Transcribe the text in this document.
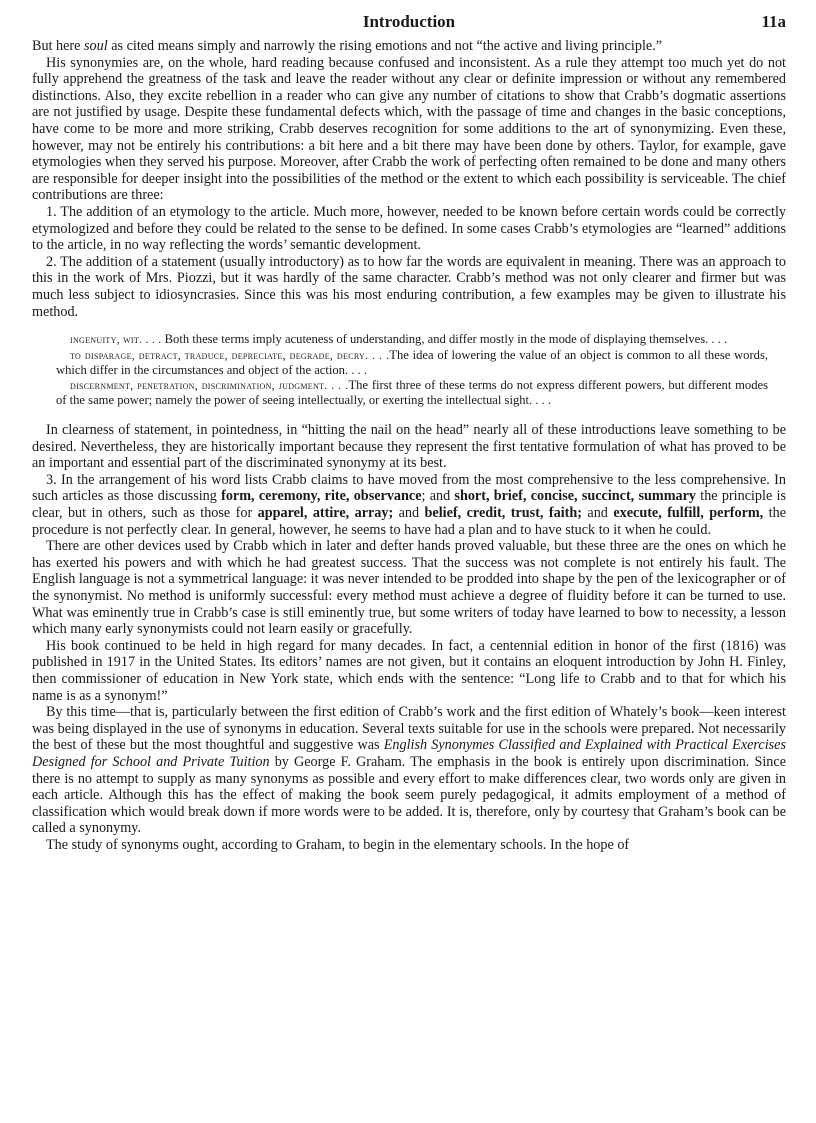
Introduction	11a

But here soul as cited means simply and narrowly the rising emotions and not “the active and living principle.”

His synonymies are, on the whole, hard reading because confused and inconsistent. As a rule they attempt too much yet do not fully apprehend the greatness of the task and leave the reader without any clear or definite impression or without any remembered distinctions. Also, they excite rebellion in a reader who can give any number of citations to show that Crabb’s dogmatic assertions are not justified by usage. Despite these fundamental defects which, with the passage of time and changes in the basic conceptions, have come to be more and more striking, Crabb deserves recognition for some additions to the art of synonymizing. Even these, however, may not be entirely his contributions: a bit here and a bit there may have been done by others. Taylor, for example, gave etymologies when they served his purpose. Moreover, after Crabb the work of perfecting often remained to be done and many others are responsible for deeper insight into the possibilities of the method or the extent to which each possibility is serviceable. The chief contributions are three:

1. The addition of an etymology to the article. Much more, however, needed to be known before certain words could be correctly etymologized and before they could be related to the sense to be defined. In some cases Crabb’s etymologies are “learned” additions to the article, in no way reflecting the words’ semantic development.

2. The addition of a statement (usually introductory) as to how far the words are equivalent in meaning. There was an approach to this in the work of Mrs. Piozzi, but it was hardly of the same character. Crabb’s method was not only clearer and firmer but was much less subject to idiosyncrasies. Since this was his most enduring contribution, a few examples may be given to illustrate his method.

ingenuity, wit. . . . Both these terms imply acuteness of understanding, and differ mostly in the mode of displaying themselves. . . .

to disparage, detract, traduce, depreciate, degrade, decry. . . .The idea of lowering the value of an object is common to all these words, which differ in the circumstances and object of the action. . . .

discernment, penetration, discrimination, judgment. . . .The first three of these terms do not express different powers, but different modes of the same power; namely the power of seeing intellectually, or exerting the intellectual sight. . . .

In clearness of statement, in pointedness, in “hitting the nail on the head” nearly all of these introductions leave something to be desired. Nevertheless, they are historically important because they represent the first tentative formulation of what has proved to be an important and essential part of the discriminated synonymy at its best.

3. In the arrangement of his word lists Crabb claims to have moved from the most comprehensive to the less comprehensive. In such articles as those discussing form, ceremony, rite, observance; and short, brief, concise, succinct, summary the principle is clear, but in others, such as those for apparel, attire, array; and belief, credit, trust, faith; and execute, fulfill, perform, the procedure is not perfectly clear. In general, however, he seems to have had a plan and to have stuck to it when he could.

There are other devices used by Crabb which in later and defter hands proved valuable, but these three are the ones on which he has exerted his powers and with which he had greatest success. That the success was not complete is not entirely his fault. The English language is not a symmetrical language: it was never intended to be prodded into shape by the pen of the lexicographer or of the synonymist. No method is uniformly successful: every method must achieve a degree of fluidity before it can be turned to use. What was eminently true in Crabb’s case is still eminently true, but some writers of today have learned to bow to necessity, a lesson which many early synonymists could not learn easily or gracefully.

His book continued to be held in high regard for many decades. In fact, a centennial edition in honor of the first (1816) was published in 1917 in the United States. Its editors’ names are not given, but it contains an eloquent introduction by John H. Finley, then commissioner of education in New York state, which ends with the sentence: “Long life to Crabb and to that for which his name is as a synonym!”

By this time—that is, particularly between the first edition of Crabb’s work and the first edition of Whately’s book—keen interest was being displayed in the use of synonyms in education. Several texts suitable for use in the schools were prepared. Not necessarily the best of these but the most thoughtful and suggestive was English Synonymes Classified and Explained with Practical Exercises Designed for School and Private Tuition by George F. Graham. The emphasis in the book is entirely upon discrimination. Since there is no attempt to supply as many synonyms as possible and every effort to make differences clear, two words only are given in each article. Although this has the effect of making the book seem purely pedagogical, it admits employment of a method of classification which would break down if more words were to be added. It is, therefore, only by courtesy that Graham’s book can be called a synonymy.

The study of synonyms ought, according to Graham, to begin in the elementary schools. In the hope of
